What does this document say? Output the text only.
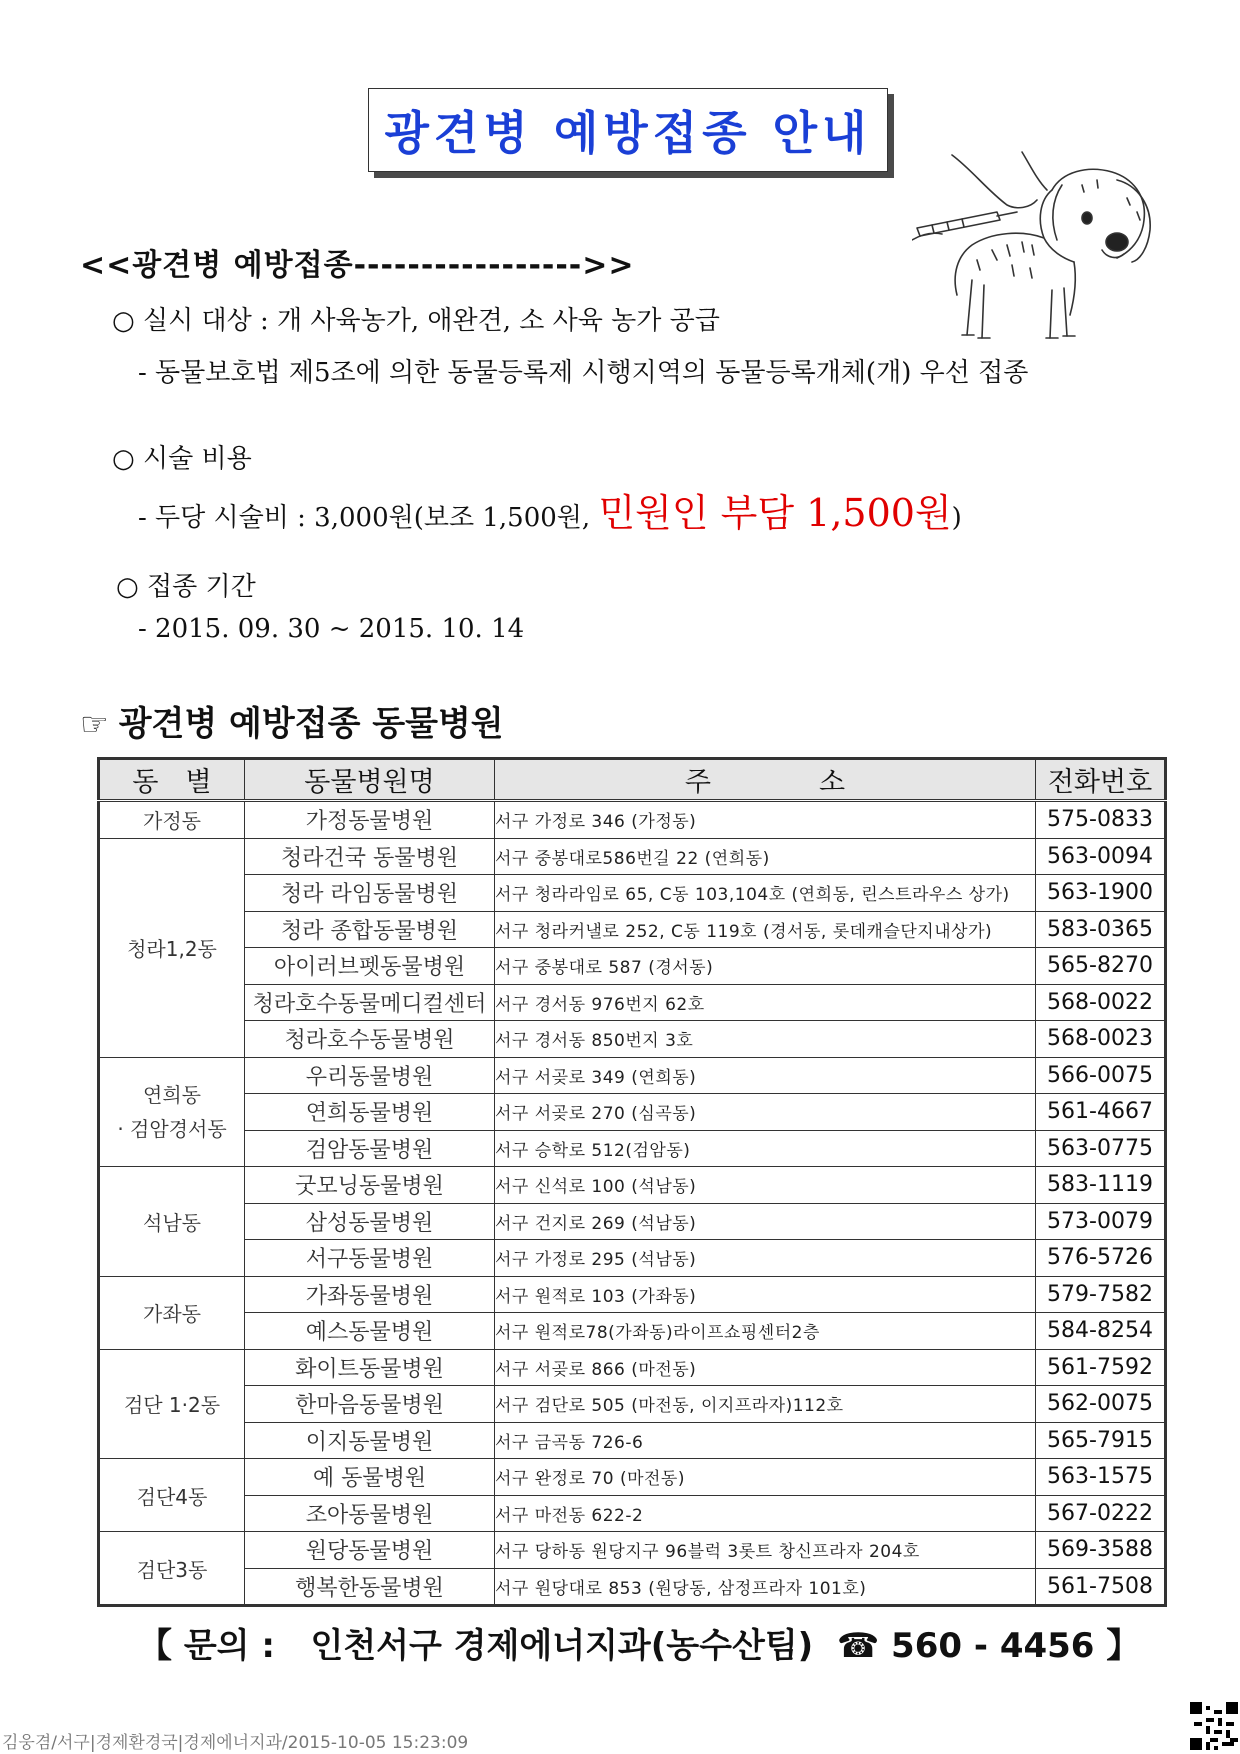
광견병 예방접종 안내
<<광견병 예방접종----------------->>
○ 실시 대상 : 개 사육농가, 애완견, 소 사육 농가 공급
- 동물보호법 제5조에 의한 동물등록제 시행지역의 동물등록개체(개) 우선 접종
○ 시술 비용
- 두당 시술비 : 3,000원(보조 1,500원, 민원인 부담 1,500원)
○ 접종 기간
- 2015. 09. 30 ~ 2015. 10. 14
☞ 광견병 예방접종 동물병원
동　별	동물병원명	주　　　　소	전화번호
가정동	가정동물병원	서구 가정로 346 (가정동)	575-0833
청라1,2동	청라건국 동물병원	서구 중봉대로586번길 22 (연희동)	563-0094
	청라 라임동물병원	서구 청라라임로 65, C동 103,104호 (연희동, 린스트라우스 상가)	563-1900
	청라 종합동물병원	서구 청라커낼로 252, C동 119호 (경서동, 롯데캐슬단지내상가)	583-0365
	아이러브펫동물병원	서구 중봉대로 587 (경서동)	565-8270
	청라호수동물메디컬센터	서구 경서동 976번지 62호	568-0022
	청라호수동물병원	서구 경서동 850번지 3호	568-0023
연희동
· 검암경서동	우리동물병원	서구 서곶로 349 (연희동)	566-0075
	연희동물병원	서구 서곶로 270 (심곡동)	561-4667
	검암동물병원	서구 승학로 512(검암동)	563-0775
석남동	굿모닝동물병원	서구 신석로 100 (석남동)	583-1119
	삼성동물병원	서구 건지로 269 (석남동)	573-0079
	서구동물병원	서구 가정로 295 (석남동)	576-5726
가좌동	가좌동물병원	서구 원적로 103 (가좌동)	579-7582
	예스동물병원	서구 원적로78(가좌동)라이프쇼핑센터2층	584-8254
검단 1·2동	화이트동물병원	서구 서곶로 866 (마전동)	561-7592
	한마음동물병원	서구 검단로 505 (마전동, 이지프라자)112호	562-0075
	이지동물병원	서구 금곡동 726-6	565-7915
검단4동	예 동물병원	서구 완정로 70 (마전동)	563-1575
	조아동물병원	서구 마전동 622-2	567-0222
검단3동	원당동물병원	서구 당하동 원당지구 96블럭 3롯트 창신프라자 204호	569-3588
	행복한동물병원	서구 원당대로 853 (원당동, 삼정프라자 101호)	561-7508
【 문의 :   인천서구 경제에너지과(농수산팀)  ☎ 560 - 4456 】
김웅겸/서구|경제환경국|경제에너지과/2015-10-05 15:23:09
